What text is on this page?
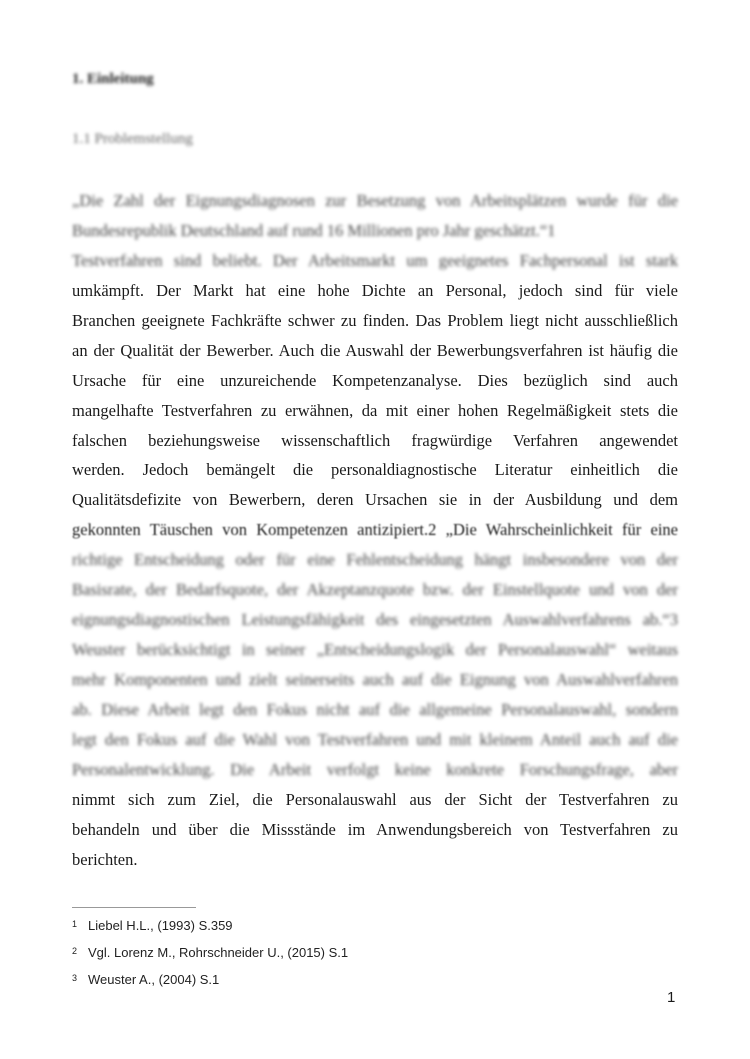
1. Einleitung
1.1 Problemstellung
„Die Zahl der Eignungsdiagnosen zur Besetzung von Arbeitsplätzen wurde für die
Bundesrepublik Deutschland auf rund 16 Millionen pro Jahr geschätzt.“1
Testverfahren sind beliebt. Der Arbeitsmarkt um geeignetes Fachpersonal ist stark
umkämpft. Der Markt hat eine hohe Dichte an Personal, jedoch sind für viele
Branchen geeignete Fachkräfte schwer zu finden. Das Problem liegt nicht ausschließlich
an der Qualität der Bewerber. Auch die Auswahl der Bewerbungsverfahren ist häufig die
Ursache für eine unzureichende Kompetenzanalyse. Dies bezüglich sind auch
mangelhafte Testverfahren zu erwähnen, da mit einer hohen Regelmäßigkeit stets die
falschen beziehungsweise wissenschaftlich fragwürdige Verfahren angewendet
werden. Jedoch bemängelt die personaldiagnostische Literatur einheitlich die
Qualitätsdefizite von Bewerbern, deren Ursachen sie in der Ausbildung und dem
gekonnten Täuschen von Kompetenzen antizipiert.2 „Die Wahrscheinlichkeit für eine
richtige Entscheidung oder für eine Fehlentscheidung hängt insbesondere von der
Basisrate, der Bedarfsquote, der Akzeptanzquote bzw. der Einstellquote und von der
eignungsdiagnostischen Leistungsfähigkeit des eingesetzten Auswahlverfahrens ab.“3
Weuster berücksichtigt in seiner „Entscheidungslogik der Personalauswahl“ weitaus
mehr Komponenten und zielt seinerseits auch auf die Eignung von Auswahlverfahren
ab. Diese Arbeit legt den Fokus nicht auf die allgemeine Personalauswahl, sondern
legt den Fokus auf die Wahl von Testverfahren und mit kleinem Anteil auch auf die
Personalentwicklung. Die Arbeit verfolgt keine konkrete Forschungsfrage, aber
nimmt sich zum Ziel, die Personalauswahl aus der Sicht der Testverfahren zu
behandeln und über die Missstände im Anwendungsbereich von Testverfahren zu
berichten.
1 Liebel H.L., (1993) S.359
2 Vgl. Lorenz M., Rohrschneider U., (2015) S.1
3 Weuster A., (2004) S.1
1
